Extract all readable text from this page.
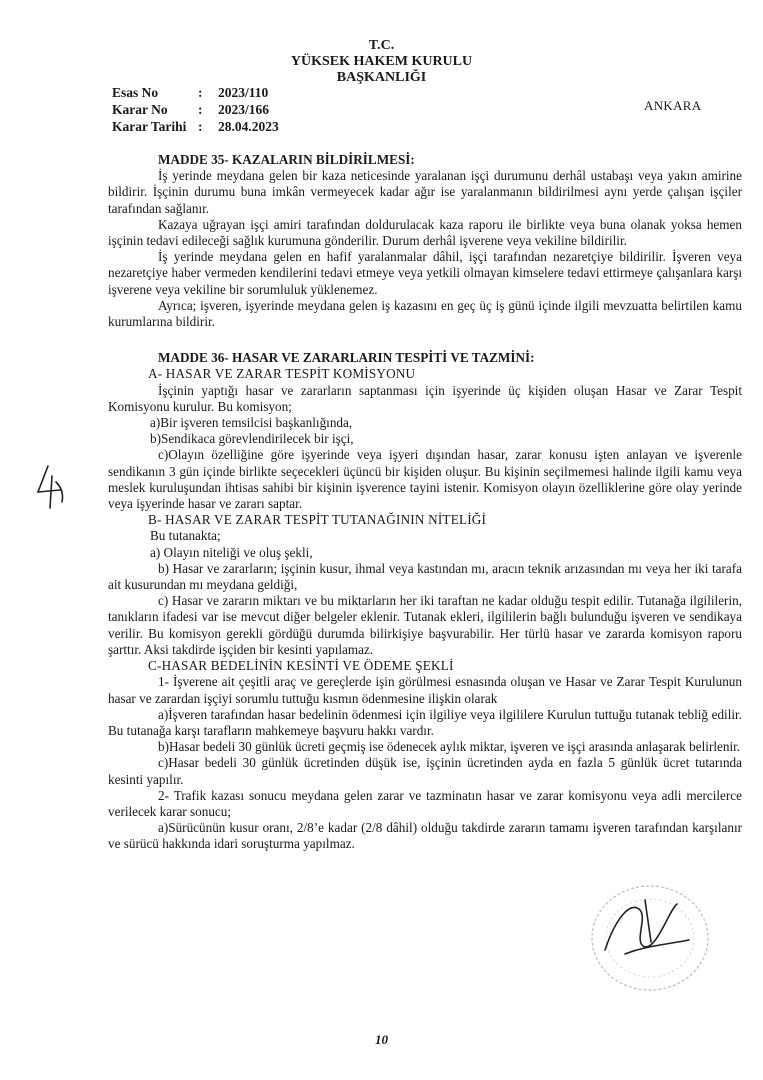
T.C.
YÜKSEK HAKEM KURULU
BAŞKANLIĞI
Esas No	:	2023/110
Karar No	:	2023/166
Karar Tarihi :	28.04.2023
ANKARA

MADDE 35- KAZALARIN BİLDİRİLMESİ:

İş yerinde meydana gelen bir kaza neticesinde yaralanan işçi durumunu derhâl ustabaşı veya yakın amirine bildirir. İşçinin durumu buna imkân vermeyecek kadar ağır ise yaralanmanın bildirilmesi aynı yerde çalışan işçiler tarafından sağlanır.

Kazaya uğrayan işçi amiri tarafından doldurulacak kaza raporu ile birlikte veya buna olanak yoksa hemen işçinin tedavi edileceği sağlık kurumuna gönderilir. Durum derhâl işverene veya vekiline bildirilir.

İş yerinde meydana gelen en hafif yaralanmalar dâhil, işçi tarafından nezaretçiye bildirilir. İşveren veya nezaretçiye haber vermeden kendilerini tedavi etmeye veya yetkili olmayan kimselere tedavi ettirmeye çalışanlara karşı işverene veya vekiline bir sorumluluk yüklenemez.

Ayrıca; işveren, işyerinde meydana gelen iş kazasını en geç üç iş günü içinde ilgili mevzuatta belirtilen kamu kurumlarına bildirir.

MADDE 36- HASAR VE ZARARLARIN TESPİTİ VE TAZMİNİ:

A- HASAR VE ZARAR TESPİT KOMİSYONU

İşçinin yaptığı hasar ve zararların saptanması için işyerinde üç kişiden oluşan Hasar ve Zarar Tespit Komisyonu kurulur. Bu komisyon;

a)Bir işveren temsilcisi başkanlığında,

b)Sendikaca görevlendirilecek bir işçi,

c)Olayın özelliğine göre işyerinde veya işyeri dışından hasar, zarar konusu işten anlayan ve işverenle sendikanın 3 gün içinde birlikte seçecekleri üçüncü bir kişiden oluşur. Bu kişinin seçilmemesi halinde ilgili kamu veya meslek kuruluşundan ihtisas sahibi bir kişinin işverence tayini istenir. Komisyon olayın özelliklerine göre olay yerinde veya işyerinde hasar ve zararı saptar.

B- HASAR VE ZARAR TESPİT TUTANAĞININ NİTELİĞİ

Bu tutanakta;

a) Olayın niteliği ve oluş şekli,

b) Hasar ve zararların; işçinin kusur, ihmal veya kastından mı, aracın teknik arızasından mı veya her iki tarafa ait kusurundan mı meydana geldiği,

c) Hasar ve zararın miktarı ve bu miktarların her iki taraftan ne kadar olduğu tespit edilir. Tutanağa ilgililerin, tanıkların ifadesi var ise mevcut diğer belgeler eklenir. Tutanak ekleri, ilgililerin bağlı bulunduğu işveren ve sendikaya verilir. Bu komisyon gerekli gördüğü durumda bilirkişiye başvurabilir. Her türlü hasar ve zararda komisyon raporu şarttır. Aksi takdirde işçiden bir kesinti yapılamaz.

C-HASAR BEDELİNİN KESİNTİ VE ÖDEME ŞEKLİ

1- İşverene ait çeşitli araç ve gereçlerde işin görülmesi esnasında oluşan ve Hasar ve Zarar Tespit Kurulunun hasar ve zarardan işçiyi sorumlu tuttuğu kısmın ödenmesine ilişkin olarak

a)İşveren tarafından hasar bedelinin ödenmesi için ilgiliye veya ilgililere Kurulun tuttuğu tutanak tebliğ edilir. Bu tutanağa karşı tarafların mahkemeye başvuru hakkı vardır.

b)Hasar bedeli 30 günlük ücreti geçmiş ise ödenecek aylık miktar, işveren ve işçi arasında anlaşarak belirlenir.

c)Hasar bedeli 30 günlük ücretinden düşük ise, işçinin ücretinden ayda en fazla 5 günlük ücret tutarında kesinti yapılır.

2- Trafik kazası sonucu meydana gelen zarar ve tazminatın hasar ve zarar komisyonu veya adli mercilerce verilecek karar sonucu;

a)Sürücünün kusur oranı, 2/8’e kadar (2/8 dâhil) olduğu takdirde zararın tamamı işveren tarafından karşılanır ve sürücü hakkında idari soruşturma yapılmaz.

10
